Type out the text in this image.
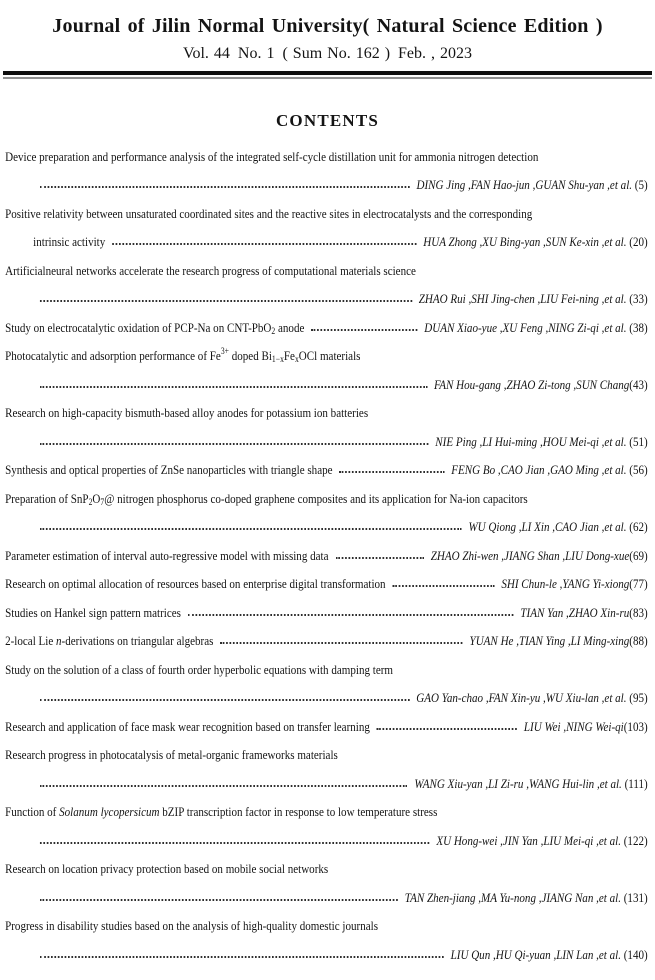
Journal of Jilin Normal University( Natural Science Edition )
Vol. 44 No. 1 ( Sum No. 162 ) Feb. , 2023
CONTENTS
Device preparation and performance analysis of the integrated self-cycle distillation unit for ammonia nitrogen detection
DING Jing ,FAN Hao-jun ,GUAN Shu-yan ,et al. (5)
Positive relativity between unsaturated coordinated sites and the reactive sites in electrocatalysts and the corresponding
intrinsic activity	HUA Zhong ,XU Bing-yan ,SUN Ke-xin ,et al. (20)
Artificialneural networks accelerate the research progress of computational materials science
ZHAO Rui ,SHI Jing-chen ,LIU Fei-ning ,et al. (33)
Study on electrocatalytic oxidation of PCP-Na on CNT-PbO$_2$ anode	DUAN Xiao-yue ,XU Feng ,NING Zi-qi ,et al. (38)
Photocatalytic and adsorption performance of $Fe^{3+}$ doped $Bi_{1-x}Fe_xOCl$ materials
FAN Hou-gang ,ZHAO Zi-tong ,SUN Chang(43)
Research on high-capacity bismuth-based alloy anodes for potassium ion batteries
NIE Ping ,LI Hui-ming ,HOU Mei-qi ,et al. (51)
Synthesis and optical properties of ZnSe nanoparticles with triangle shape	FENG Bo ,CAO Jian ,GAO Ming ,et al. (56)
Preparation of $SnP_2O_7@$ nitrogen phosphorus co-doped graphene composites and its application for Na-ion capacitors
WU Qiong ,LI Xin ,CAO Jian ,et al. (62)
Parameter estimation of interval auto-regressive model with missing data	ZHAO Zhi-wen ,JIANG Shan ,LIU Dong-xue(69)
Research on optimal allocation of resources based on enterprise digital transformation	SHI Chun-le ,YANG Yi-xiong(77)
Studies on Hankel sign pattern matrices	TIAN Yan ,ZHAO Xin-ru(83)
2-local Lie n-derivations on triangular algebras	YUAN He ,TIAN Ying ,LI Ming-xing(88)
Study on the solution of a class of fourth order hyperbolic equations with damping term
GAO Yan-chao ,FAN Xin-yu ,WU Xiu-lan ,et al. (95)
Research and application of face mask wear recognition based on transfer learning	LIU Wei ,NING Wei-qi(103)
Research progress in photocatalysis of metal-organic frameworks materials
WANG Xiu-yan ,LI Zi-ru ,WANG Hui-lin ,et al. (111)
Function of Solanum lycopersicum bZIP transcription factor in response to low temperature stress
XU Hong-wei ,JIN Yan ,LIU Mei-qi ,et al. (122)
Research on location privacy protection based on mobile social networks
TAN Zhen-jiang ,MA Yu-nong ,JIANG Nan ,et al. (131)
Progress in disability studies based on the analysis of high-quality domestic journals
LIU Qun ,HU Qi-yuan ,LIN Lan ,et al. (140)
